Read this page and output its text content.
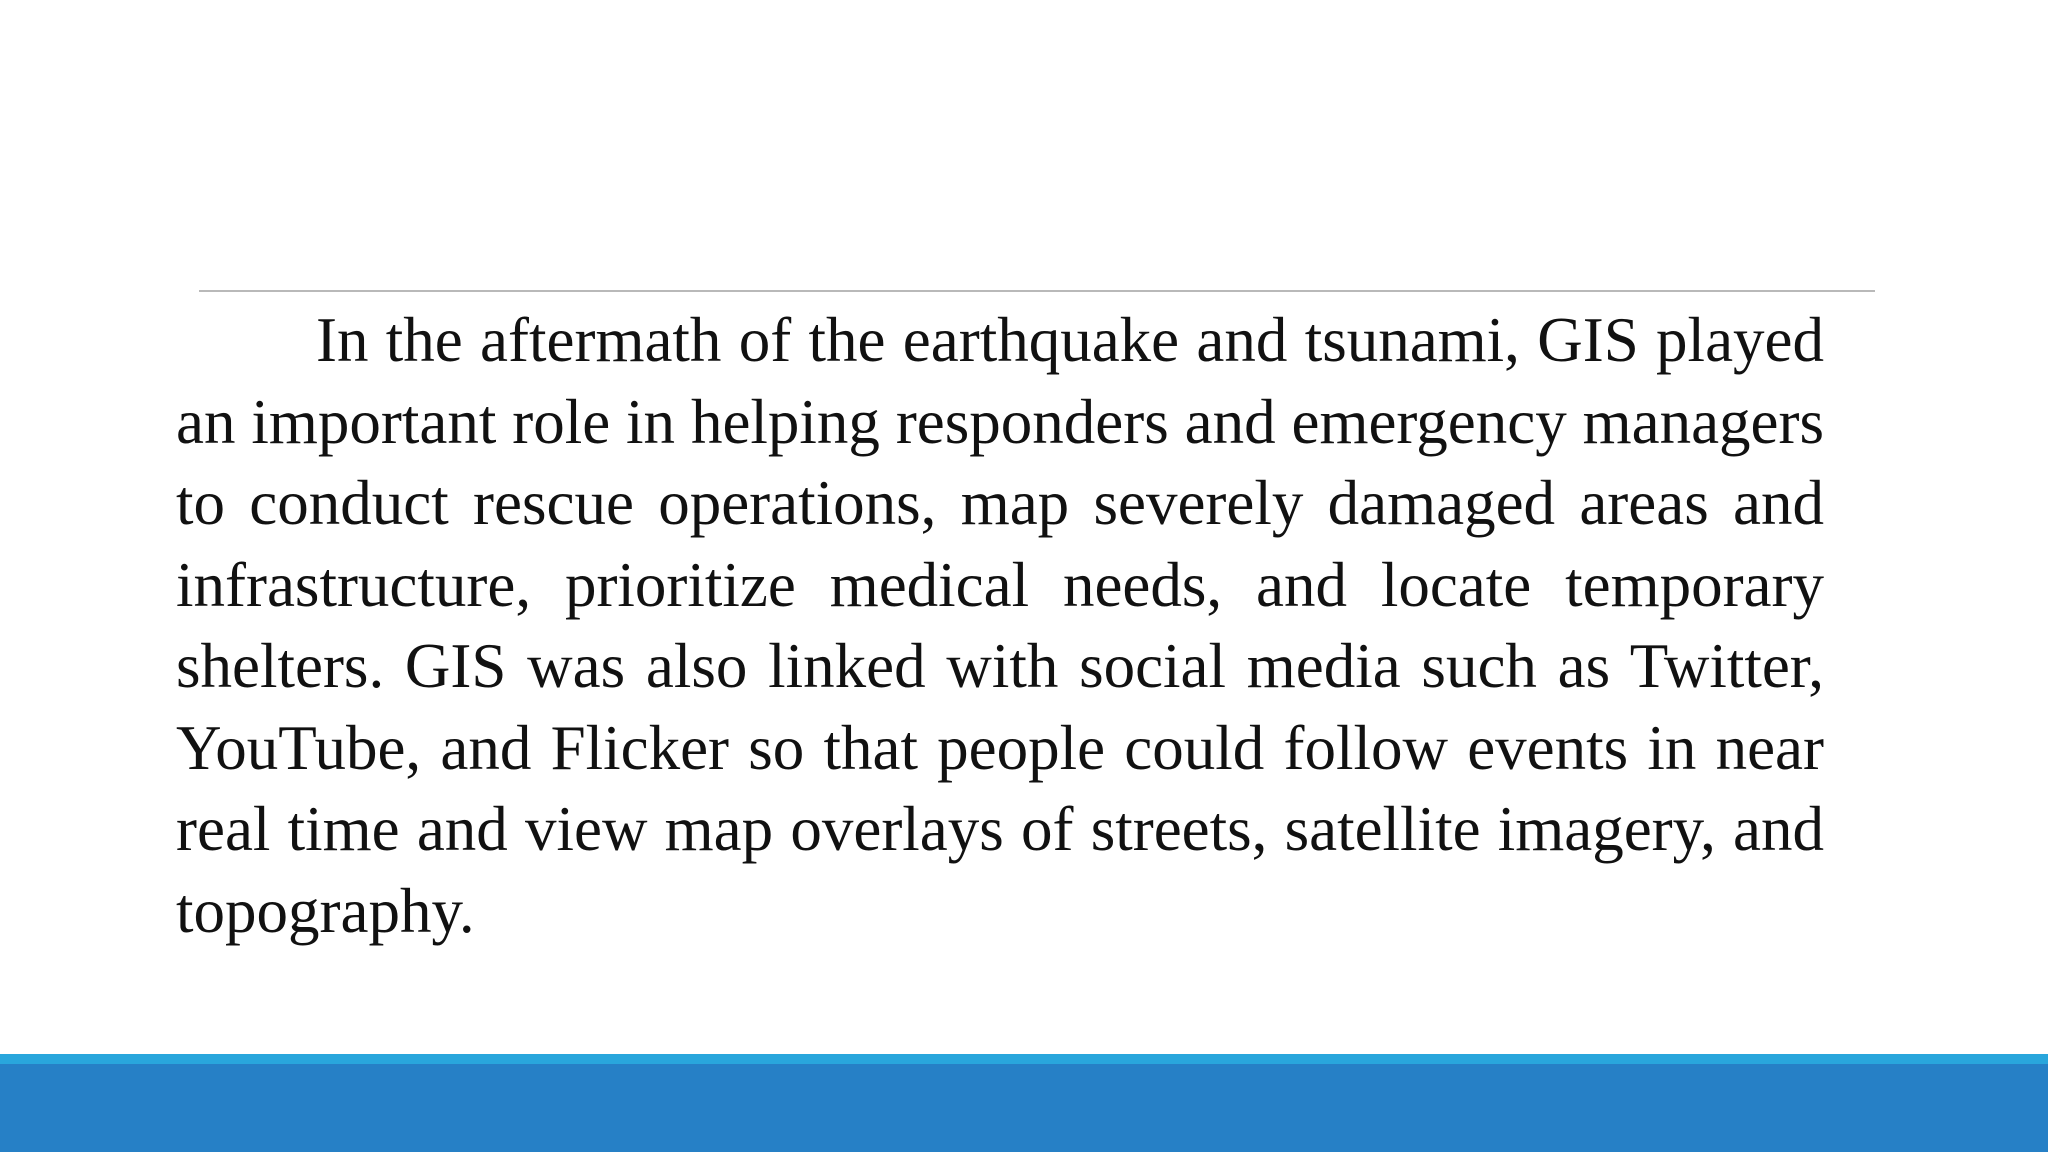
In the aftermath of the earthquake and tsunami, GIS played an important role in helping responders and emergency managers to conduct rescue operations, map severely damaged areas and infrastructure, prioritize medical needs, and locate temporary shelters. GIS was also linked with social media such as Twitter, YouTube, and Flicker so that people could follow events in near real time and view map overlays of streets, satellite imagery, and topography.
